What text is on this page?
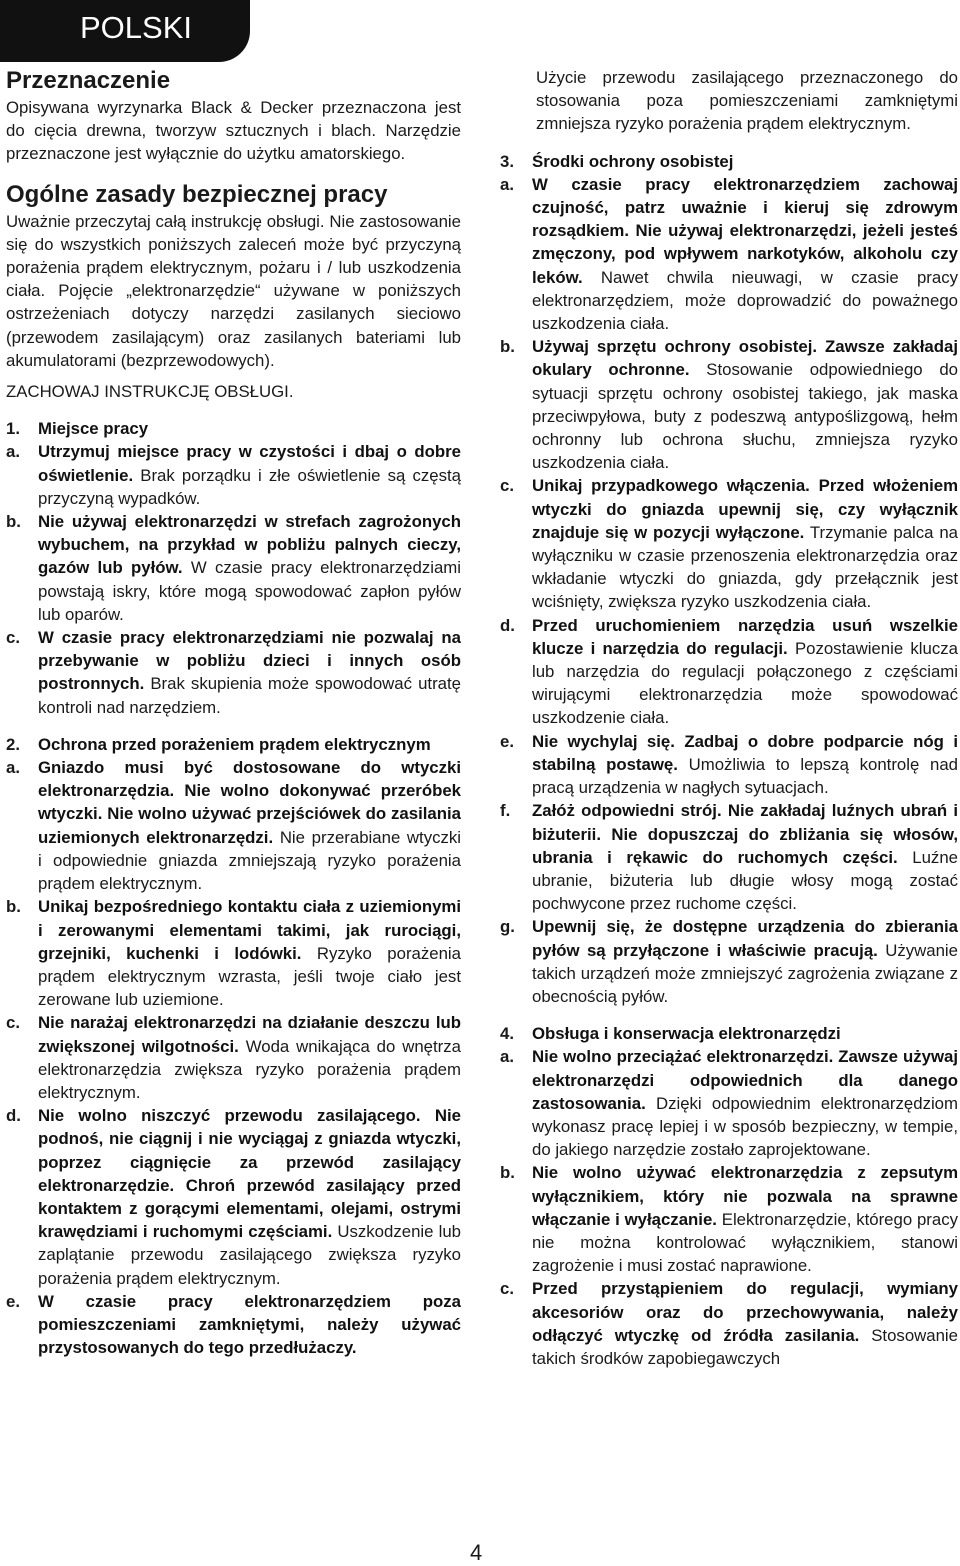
POLSKI

Przeznaczenie

Opisywana wyrzynarka Black & Decker przeznaczona jest do cięcia drewna, tworzyw sztucznych i blach. Narzędzie przeznaczone jest wyłącznie do użytku amatorskiego.

Ogólne zasady bezpiecznej pracy

Uważnie przeczytaj całą instrukcję obsługi. Nie zastosowanie się do wszystkich poniższych zaleceń może być przyczyną porażenia prądem elektrycznym, pożaru i / lub uszkodzenia ciała. Pojęcie „elektronarzędzie“ używane w poniższych ostrzeżeniach dotyczy narzędzi zasilanych sieciowo (przewodem zasilającym) oraz zasilanych bateriami lub akumulatorami (bezprzewodowych).

ZACHOWAJ INSTRUKCJĘ OBSŁUGI.

1.	Miejsce pracy
a.	Utrzymuj miejsce pracy w czystości i dbaj o dobre oświetlenie. Brak porządku i złe oświetlenie są częstą przyczyną wypadków.
b.	Nie używaj elektronarzędzi w strefach zagrożonych wybuchem, na przykład w pobliżu palnych cieczy, gazów lub pyłów. W czasie pracy elektronarzędziami powstają iskry, które mogą spowodować zapłon pyłów lub oparów.
c.	W czasie pracy elektronarzędziami nie pozwalaj na przebywanie w pobliżu dzieci i innych osób postronnych. Brak skupienia może spowodować utratę kontroli nad narzędziem.
2.	Ochrona przed porażeniem prądem elektrycznym
a.	Gniazdo musi być dostosowane do wtyczki elektronarzędzia. Nie wolno dokonywać przeróbek wtyczki. Nie wolno używać przejściówek do zasilania uziemionych elektronarzędzi. Nie przerabiane wtyczki i odpowiednie gniazda zmniejszają ryzyko porażenia prądem elektrycznym.
b.	Unikaj bezpośredniego kontaktu ciała z uziemionymi i zerowanymi elementami takimi, jak rurociągi, grzejniki, kuchenki i lodówki. Ryzyko porażenia prądem elektrycznym wzrasta, jeśli twoje ciało jest zerowane lub uziemione.
c.	Nie narażaj elektronarzędzi na działanie deszczu lub zwiększonej wilgotności. Woda wnikająca do wnętrza elektronarzędzia zwiększa ryzyko porażenia prądem elektrycznym.
d.	Nie wolno niszczyć przewodu zasilającego. Nie podnoś, nie ciągnij i nie wyciągaj z gniazda wtyczki, poprzez ciągnięcie za przewód zasilający elektronarzędzie. Chroń przewód zasilający przed kontaktem z gorącymi elementami, olejami, ostrymi krawędziami i ruchomymi częściami. Uszkodzenie lub zaplątanie przewodu zasilającego zwiększa ryzyko porażenia prądem elektrycznym.
e.	W czasie pracy elektronarzędziem poza pomieszczeniami zamkniętymi, należy używać przystosowanych do tego przedłużaczy.

Użycie przewodu zasilającego przeznaczonego do stosowania poza pomieszczeniami zamkniętymi zmniejsza ryzyko porażenia prądem elektrycznym.

3.	Środki ochrony osobistej
a.	W czasie pracy elektronarzędziem zachowaj czujność, patrz uważnie i kieruj się zdrowym rozsądkiem. Nie używaj elektronarzędzi, jeżeli jesteś zmęczony, pod wpływem narkotyków, alkoholu czy leków. Nawet chwila nieuwagi, w czasie pracy elektronarzędziem, może doprowadzić do poważnego uszkodzenia ciała.
b.	Używaj sprzętu ochrony osobistej. Zawsze zakładaj okulary ochronne. Stosowanie odpowiedniego do sytuacji sprzętu ochrony osobistej takiego, jak maska przeciwpyłowa, buty z podeszwą antypoślizgową, hełm ochronny lub ochrona słuchu, zmniejsza ryzyko uszkodzenia ciała.
c.	Unikaj przypadkowego włączenia. Przed włożeniem wtyczki do gniazda upewnij się, czy wyłącznik znajduje się w pozycji wyłączone. Trzymanie palca na wyłączniku w czasie przenoszenia elektronarzędzia oraz wkładanie wtyczki do gniazda, gdy przełącznik jest wciśnięty, zwiększa ryzyko uszkodzenia ciała.
d.	Przed uruchomieniem narzędzia usuń wszelkie klucze i narzędzia do regulacji. Pozostawienie klucza lub narzędzia do regulacji połączonego z częściami wirującymi elektronarzędzia może spowodować uszkodzenie ciała.
e.	Nie wychylaj się. Zadbaj o dobre podparcie nóg i stabilną postawę. Umożliwia to lepszą kontrolę nad pracą urządzenia w nagłych sytuacjach.
f.	Załóż odpowiedni strój. Nie zakładaj luźnych ubrań i biżuterii. Nie dopuszczaj do zbliżania się włosów, ubrania i rękawic do ruchomych części. Luźne ubranie, biżuteria lub długie włosy mogą zostać pochwycone przez ruchome części.
g.	Upewnij się, że dostępne urządzenia do zbierania pyłów są przyłączone i właściwie pracują. Używanie takich urządzeń może zmniejszyć zagrożenia związane z obecnością pyłów.
4.	Obsługa i konserwacja elektronarzędzi
a.	Nie wolno przeciążać elektronarzędzi. Zawsze używaj elektronarzędzi odpowiednich dla danego zastosowania. Dzięki odpowiednim elektronarzędziom wykonasz pracę lepiej i w sposób bezpieczny, w tempie, do jakiego narzędzie zostało zaprojektowane.
b.	Nie wolno używać elektronarzędzia z zepsutym wyłącznikiem, który nie pozwala na sprawne włączanie i wyłączanie. Elektronarzędzie, którego pracy nie można kontrolować wyłącznikiem, stanowi zagrożenie i musi zostać naprawione.
c.	Przed przystąpieniem do regulacji, wymiany akcesoriów oraz do przechowywania, należy odłączyć wtyczkę od źródła zasilania. Stosowanie takich środków zapobiegawczych
4
